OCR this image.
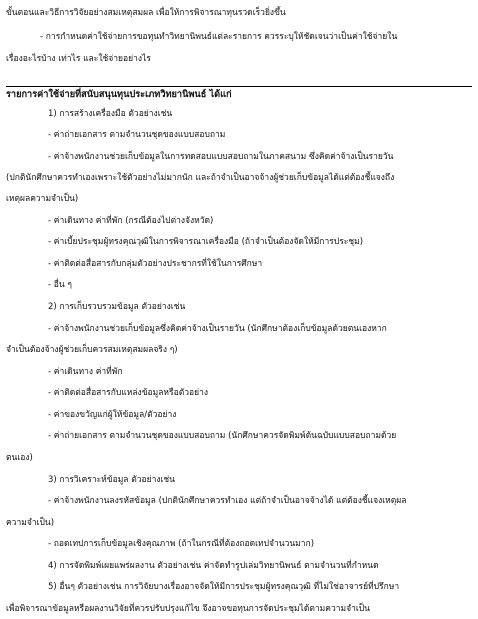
ขั้นตอนและวิธีการวิจัยอย่างสมเหตุสมผล เพื่อให้การพิจารณาทุนรวดเร็วยิ่งขึ้น
- การกำหนดค่าใช้จ่ายการขอทุนทำวิทยานิพนธ์แต่ละรายการ ควรระบุให้ชัดเจนว่าเป็นค่าใช้จ่ายใน
เรื่องอะไรบ้าง เท่าไร และใช้จ่ายอย่างไร
รายการค่าใช้จ่ายที่สนับสนุนทุนประเภทวิทยานิพนธ์ ได้แก่
1) การสร้างเครื่องมือ ตัวอย่างเช่น
- ค่าถ่ายเอกสาร ตามจำนวนชุดของแบบสอบถาม
- ค่าจ้างพนักงานช่วยเก็บข้อมูลในการทดสอบแบบสอบถามในภาคสนาม ซึ่งคิดค่าจ้างเป็นรายวัน
(ปกตินักศึกษาควรทำเองเพราะใช้ตัวอย่างไม่มากนัก และถ้าจำเป็นอาจจ้างผู้ช่วยเก็บข้อมูลได้แต่ต้องชี้แจงถึง
เหตุผลความจำเป็น)
- ค่าเดินทาง ค่าที่พัก (กรณีต้องไปต่างจังหวัด)
- ค่าเบี้ยประชุมผู้ทรงคุณวุฒิในการพิจารณาเครื่องมือ (ถ้าจำเป็นต้องจัดให้มีการประชุม)
- ค่าติดต่อสื่อสารกับกลุ่มตัวอย่างประชากรที่ใช้ในการศึกษา
- อื่น ๆ
2) การเก็บรวบรวมข้อมูล ตัวอย่างเช่น
- ค่าจ้างพนักงานช่วยเก็บข้อมูลซึ่งคิดค่าจ้างเป็นรายวัน (นักศึกษาต้องเก็บข้อมูลด้วยตนเองหาก
จำเป็นต้องจ้างผู้ช่วยเก็บควรสมเหตุสมผลจริง ๆ)
- ค่าเดินทาง ค่าที่พัก
- ค่าติดต่อสื่อสารกับแหล่งข้อมูลหรือตัวอย่าง
- ค่าของขวัญแก่ผู้ให้ข้อมูล/ตัวอย่าง
- ค่าถ่ายเอกสาร ตามจำนวนชุดของแบบสอบถาม (นักศึกษาควรจัดพิมพ์ต้นฉบับแบบสอบถามด้วย
ตนเอง)
3) การวิเคราะห์ข้อมูล ตัวอย่างเช่น
- ค่าจ้างพนักงานลงรหัสข้อมูล (ปกตินักศึกษาควรทำเอง แต่ถ้าจำเป็นอาจจ้างได้ แต่ต้องชี้แจงเหตุผล
ความจำเป็น)
- ถอดเทปการเก็บข้อมูลเชิงคุณภาพ (ถ้าในกรณีที่ต้องถอดเทปจำนวนมาก)
4) การจัดพิมพ์เผยแพร่ผลงาน ตัวอย่างเช่น ค่าจัดทำรูปเล่มวิทยานิพนธ์ ตามจำนวนที่กำหนด
5) อื่นๆ ตัวอย่างเช่น การวิจัยบางเรื่องอาจจัดให้มีการประชุมผู้ทรงคุณวุฒิ ที่ไม่ใช่อาจารย์ที่ปรึกษา
เพื่อพิจารณาข้อมูลหรือผลงานวิจัยที่ควรปรับปรุงแก้ไข จึงอาจขอทุนการจัดประชุมได้ตามความจำเป็น
